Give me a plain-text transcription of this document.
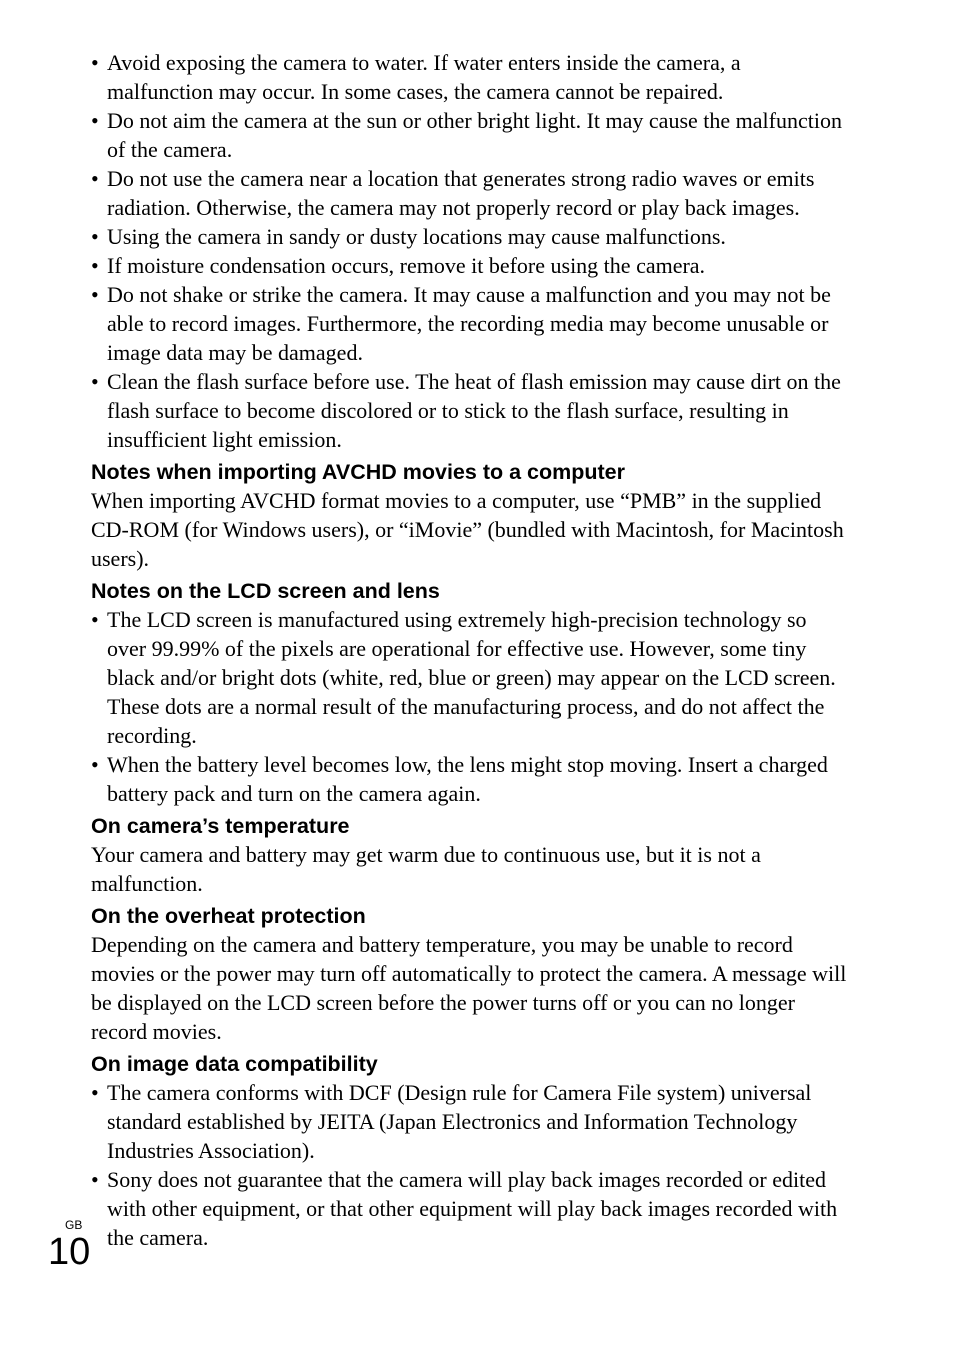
• Avoid exposing the camera to water. If water enters inside the camera, a malfunction may occur. In some cases, the camera cannot be repaired.
• Do not aim the camera at the sun or other bright light. It may cause the malfunction of the camera.
• Do not use the camera near a location that generates strong radio waves or emits radiation. Otherwise, the camera may not properly record or play back images.
• Using the camera in sandy or dusty locations may cause malfunctions.
• If moisture condensation occurs, remove it before using the camera.
• Do not shake or strike the camera. It may cause a malfunction and you may not be able to record images. Furthermore, the recording media may become unusable or image data may be damaged.
• Clean the flash surface before use. The heat of flash emission may cause dirt on the flash surface to become discolored or to stick to the flash surface, resulting in insufficient light emission.
Notes when importing AVCHD movies to a computer

When importing AVCHD format movies to a computer, use “PMB” in the supplied CD-ROM (for Windows users), or “iMovie” (bundled with Macintosh, for Macintosh users).

Notes on the LCD screen and lens
• The LCD screen is manufactured using extremely high-precision technology so over 99.99% of the pixels are operational for effective use. However, some tiny black and/or bright dots (white, red, blue or green) may appear on the LCD screen. These dots are a normal result of the manufacturing process, and do not affect the recording.
• When the battery level becomes low, the lens might stop moving. Insert a charged battery pack and turn on the camera again.
On camera’s temperature

Your camera and battery may get warm due to continuous use, but it is not a malfunction.

On the overheat protection

Depending on the camera and battery temperature, you may be unable to record movies or the power may turn off automatically to protect the camera. A message will be displayed on the LCD screen before the power turns off or you can no longer record movies.

On image data compatibility
• The camera conforms with DCF (Design rule for Camera File system) universal standard established by JEITA (Japan Electronics and Information Technology Industries Association).
• Sony does not guarantee that the camera will play back images recorded or edited with other equipment, or that other equipment will play back images recorded with the camera.
GB
10
